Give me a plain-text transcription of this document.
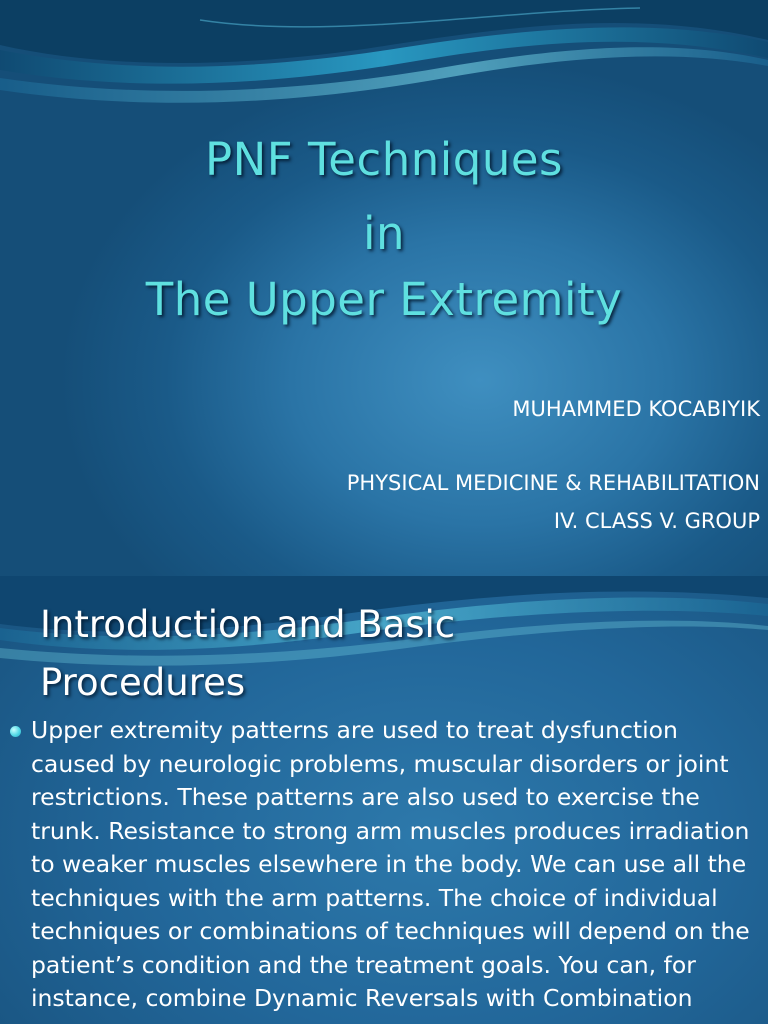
PNF Techniques
in
The Upper Extremity
MUHAMMED KOCABIYIK
PHYSICAL MEDICINE & REHABILITATION
IV. CLASS V. GROUP
Introduction and Basic
Procedures

Upper extremity patterns are used to treat dysfunction caused by neurologic problems, muscular disorders or joint restrictions. These patterns are also used to exercise the trunk. Resistance to strong arm muscles produces irradiation to weaker muscles elsewhere in the body. We can use all the techniques with the arm patterns. The choice of individual techniques or combinations of techniques will depend on the patient’s condition and the treatment goals. You can, for instance, combine Dynamic Reversals with Combination
